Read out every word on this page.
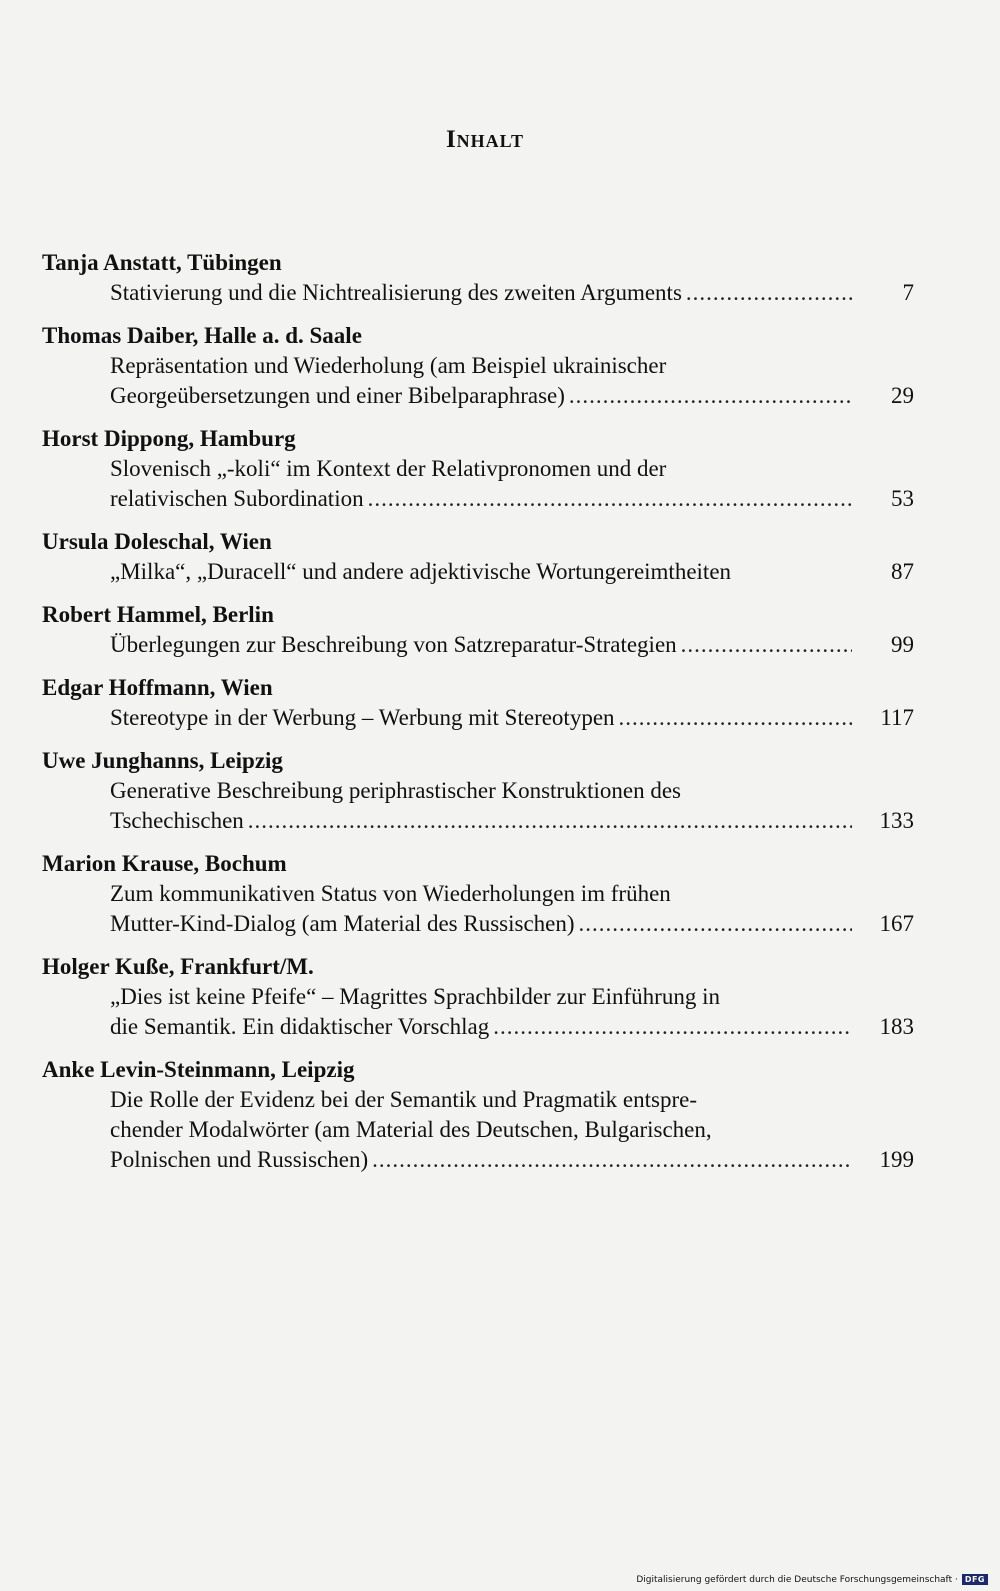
Inhalt
Tanja Anstatt, Tübingen
Stativierung und die Nichtrealisierung des zweiten Arguments .....	7
Thomas Daiber, Halle a. d. Saale
Repräsentation und Wiederholung (am Beispiel ukrainischer
Georgeübersetzungen und einer Bibelparaphrase) .....	29
Horst Dippong, Hamburg
Slovenisch „-koli“ im Kontext der Relativpronomen und der
relativischen Subordination .....	53
Ursula Doleschal, Wien
„Milka“, „Duracell“ und andere adjektivische Wortungereimtheiten	87
Robert Hammel, Berlin
Überlegungen zur Beschreibung von Satzreparatur-Strategien .....	99
Edgar Hoffmann, Wien
Stereotype in der Werbung – Werbung mit Stereotypen .....	117
Uwe Junghanns, Leipzig
Generative Beschreibung periphrastischer Konstruktionen des
Tschechischen .....	133
Marion Krause, Bochum
Zum kommunikativen Status von Wiederholungen im frühen
Mutter-Kind-Dialog (am Material des Russischen) .....	167
Holger Kuße, Frankfurt/M.
„Dies ist keine Pfeife“ – Magrittes Sprachbilder zur Einführung in
die Semantik. Ein didaktischer Vorschlag .....	183
Anke Levin-Steinmann, Leipzig
Die Rolle der Evidenz bei der Semantik und Pragmatik entspre-
chender Modalwörter (am Material des Deutschen, Bulgarischen,
Polnischen und Russischen) .....	199
Digitalisierung gefördert durch die Deutsche Forschungsgemeinschaft · DFG
